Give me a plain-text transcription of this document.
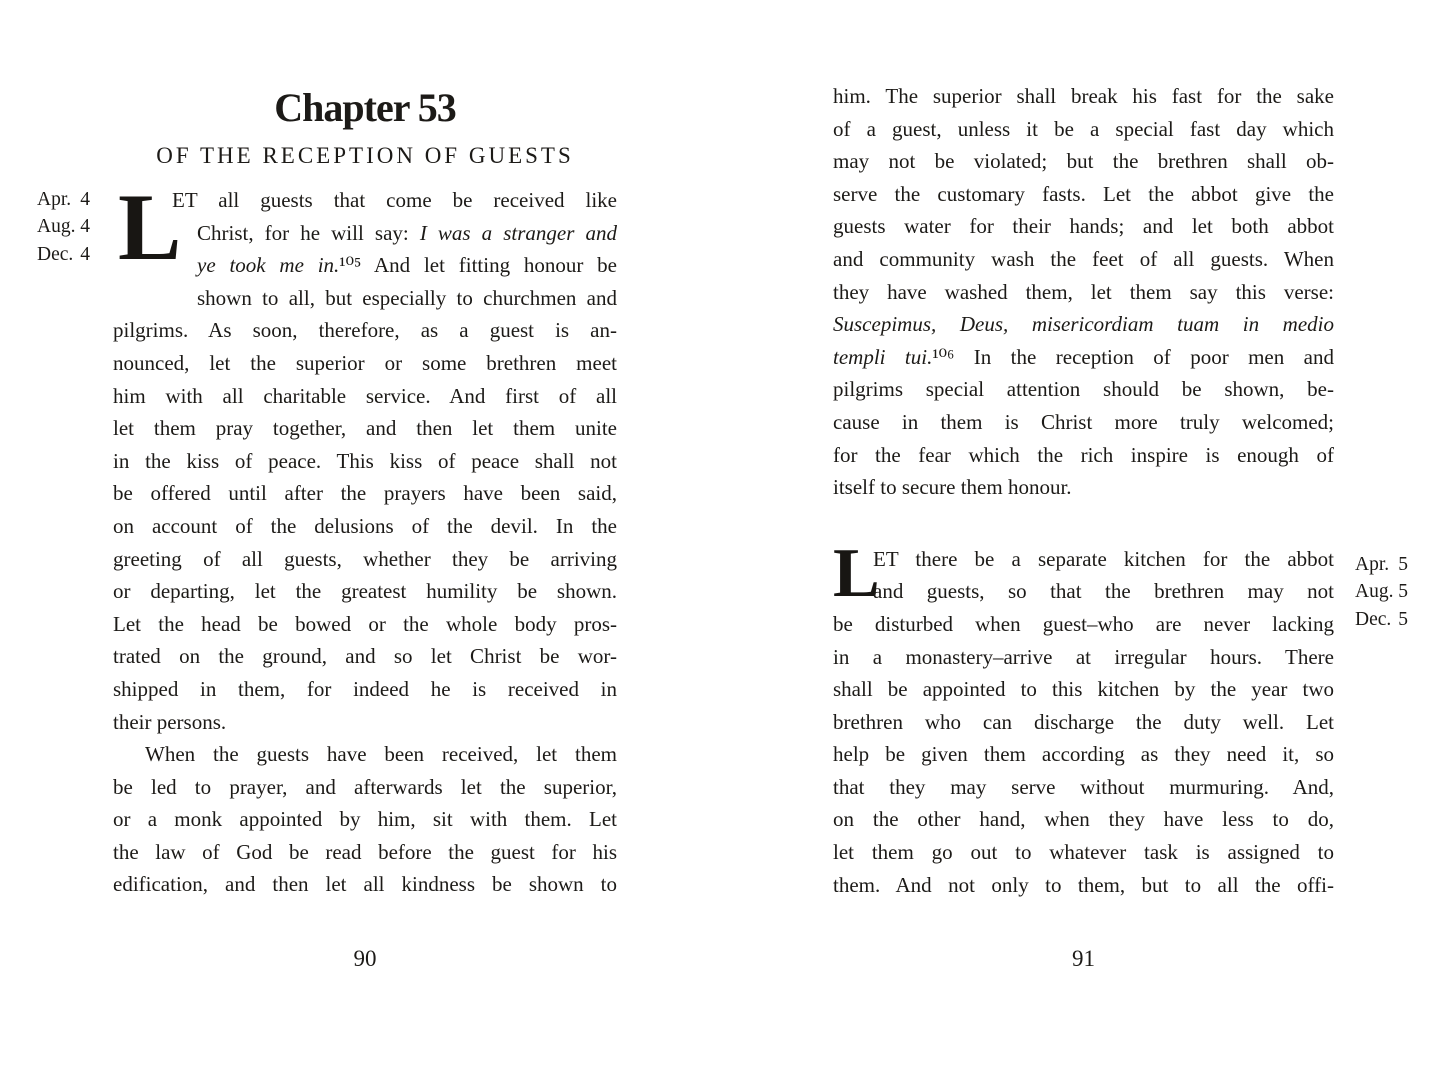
Apr. 4
Aug. 4
Dec. 4
Chapter 53
OF THE RECEPTION OF GUESTS
L
ET all guests that come be received like
Christ, for he will say: I was a stranger and
ye took me in.¹⁰⁵ And let fitting honour be
shown to all, but especially to churchmen and
pilgrims. As soon, therefore, as a guest is an-
nounced, let the superior or some brethren meet
him with all charitable service. And first of all
let them pray together, and then let them unite
in the kiss of peace. This kiss of peace shall not
be offered until after the prayers have been said,
on account of the delusions of the devil. In the
greeting of all guests, whether they be arriving
or departing, let the greatest humility be shown.
Let the head be bowed or the whole body pros-
trated on the ground, and so let Christ be wor-
shipped in them, for indeed he is received in
their persons.
When the guests have been received, let them
be led to prayer, and afterwards let the superior,
or a monk appointed by him, sit with them. Let
the law of God be read before the guest for his
edification, and then let all kindness be shown to
him. The superior shall break his fast for the sake
of a guest, unless it be a special fast day which
may not be violated; but the brethren shall ob-
serve the customary fasts. Let the abbot give the
guests water for their hands; and let both abbot
and community wash the feet of all guests. When
they have washed them, let them say this verse:
Suscepimus, Deus, misericordiam tuam in medio
templi tui.¹⁰⁶ In the reception of poor men and
pilgrims special attention should be shown, be-
cause in them is Christ more truly welcomed;
for the fear which the rich inspire is enough of
itself to secure them honour.
L
ET there be a separate kitchen for the abbot
and guests, so that the brethren may not
be disturbed when guest–who are never lacking
in a monastery–arrive at irregular hours. There
shall be appointed to this kitchen by the year two
brethren who can discharge the duty well. Let
help be given them according as they need it, so
that they may serve without murmuring. And,
on the other hand, when they have less to do,
let them go out to whatever task is assigned to
them. And not only to them, but to all the offi-
Apr. 5
Aug. 5
Dec. 5
90	91
